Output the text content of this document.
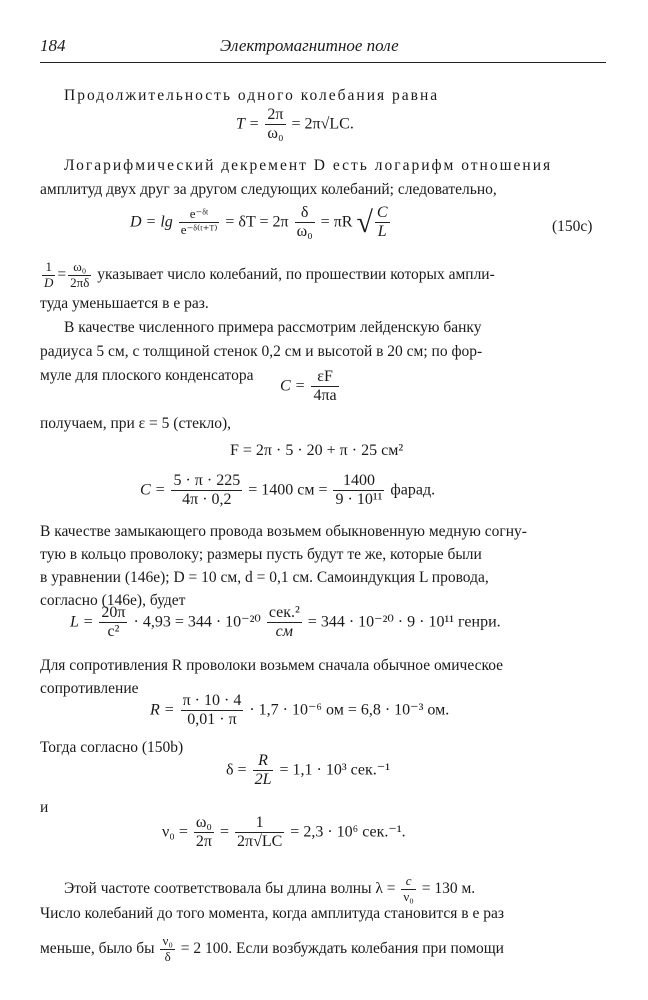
184	Электромагнитное поле
Продолжительность одного колебания равна
$T = \frac{2\pi}{\text{ω₀}} = 2\pi√LC$.
Логарифмический декремент D есть логарифм отношения
амплитуд двух друг за другом следующих колебаний; следовательно,
$D = \lg \frac{\text{e⁻ᵟᵗ}}{\text{e⁻ᵟ⁽ᵗ⁺ᵀ⁾}} = \delta T = 2\pi \frac{\delta}{\text{ω₀}} = \pi R$ √ $\frac{C}{L}$	(150c)
$\frac{1}{D} = \frac{\text{ω₀}}{2\pi\delta}$ указывает число колебаний, по прошествии которых ампли-
туда уменьшается в e раз.
В качестве численного примера рассмотрим лейденскую банку
радиуса 5 см, с толщиной стенок 0,2 см и высотой в 20 см; по фор-
муле для плоского конденсатора
$C = \frac{\varepsilon F}{4\pi a}$
получаем, при ε = 5 (стекло),
F = 2π · 5 · 20 + π · 25 см²
$C = \frac{5 \cdot \pi \cdot 225}{4\pi \cdot 0,2} = 1400$ см = $\frac{1400}{\text{9 · 10¹¹}}$ фарад.
В качестве замыкающего провода возьмем обыкновенную медную согну-
тую в кольцо проволоку; размеры пусть будут те же, которые были
в уравнении (146e); D = 10 см, d = 0,1 см. Самоиндукция L провода,
согласно (146e), будет
$L = \frac{20\pi}{\text{c²}} \cdot 4,93 = 344 \cdot 10^{-20} \frac{\text{сек.²}}{см} = 344 \cdot 10^{-20} \cdot 9 \cdot 10^{11}$ генри.
Для сопротивления R проволоки возьмем сначала обычное омическое
сопротивление
$R = \frac{\pi \cdot 10 \cdot 4}{0,01 \cdot \pi} \cdot 1,7 \cdot 10^{-6}$ ом = 6,8 · 10⁻³ ом.
Тогда согласно (150b)
$\delta = \frac{R}{2L} = 1,1 \cdot 10^3$ сек.⁻¹
и
$\nu_0 = \frac{\text{ω₀}}{2\pi} = \frac{1}{2\pi√LC} = 2,3 \cdot 10^6$ сек.⁻¹.
Этой частоте соответствовала бы длина волны $\lambda = \frac{c}{\text{ν₀}} = 130$ м.
Число колебаний до того момента, когда амплитуда становится в e раз
меньше, было бы $\frac{\text{ν₀}}{\delta} = 2$ 100. Если возбуждать колебания при помощи
